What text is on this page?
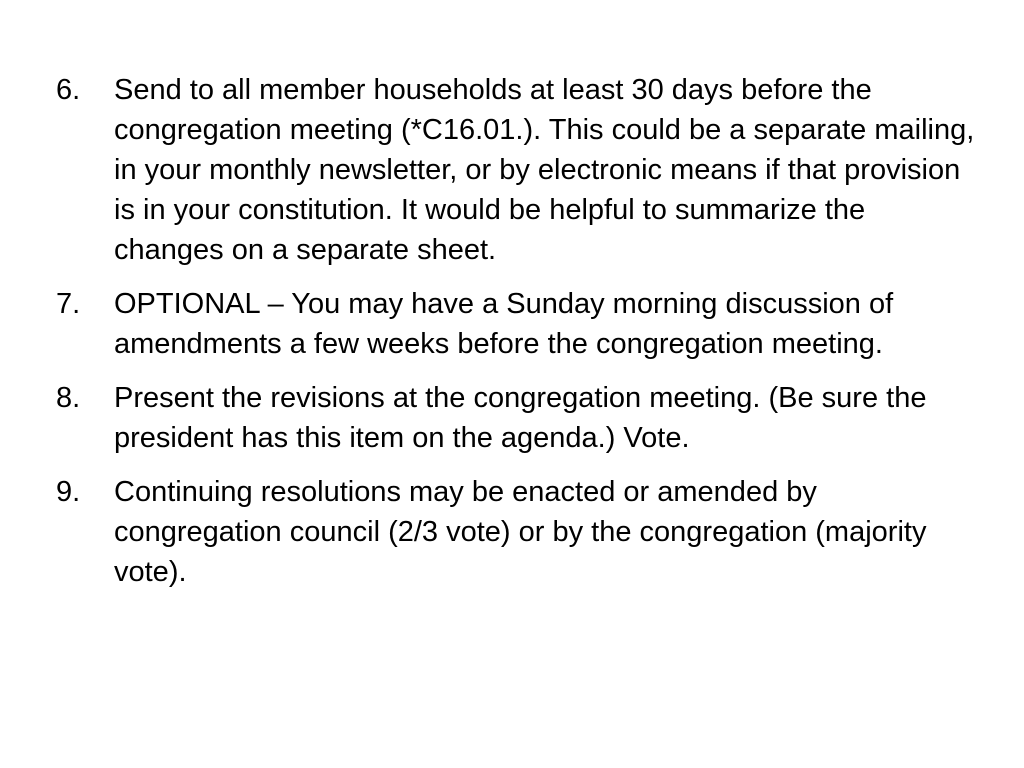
6.	Send to all member households at least 30 days before the congregation meeting (*C16.01.). This could be a separate mailing, in your monthly newsletter, or by electronic means if that provision is in your constitution. It would be helpful to summarize the changes on a separate sheet.
7.	OPTIONAL – You may have a Sunday morning discussion of amendments a few weeks before the congregation meeting.
8.	Present the revisions at the congregation meeting. (Be sure the president has this item on the agenda.) Vote.
9.	Continuing resolutions may be enacted or amended by congregation council (2/3 vote) or by the congregation (majority vote).
